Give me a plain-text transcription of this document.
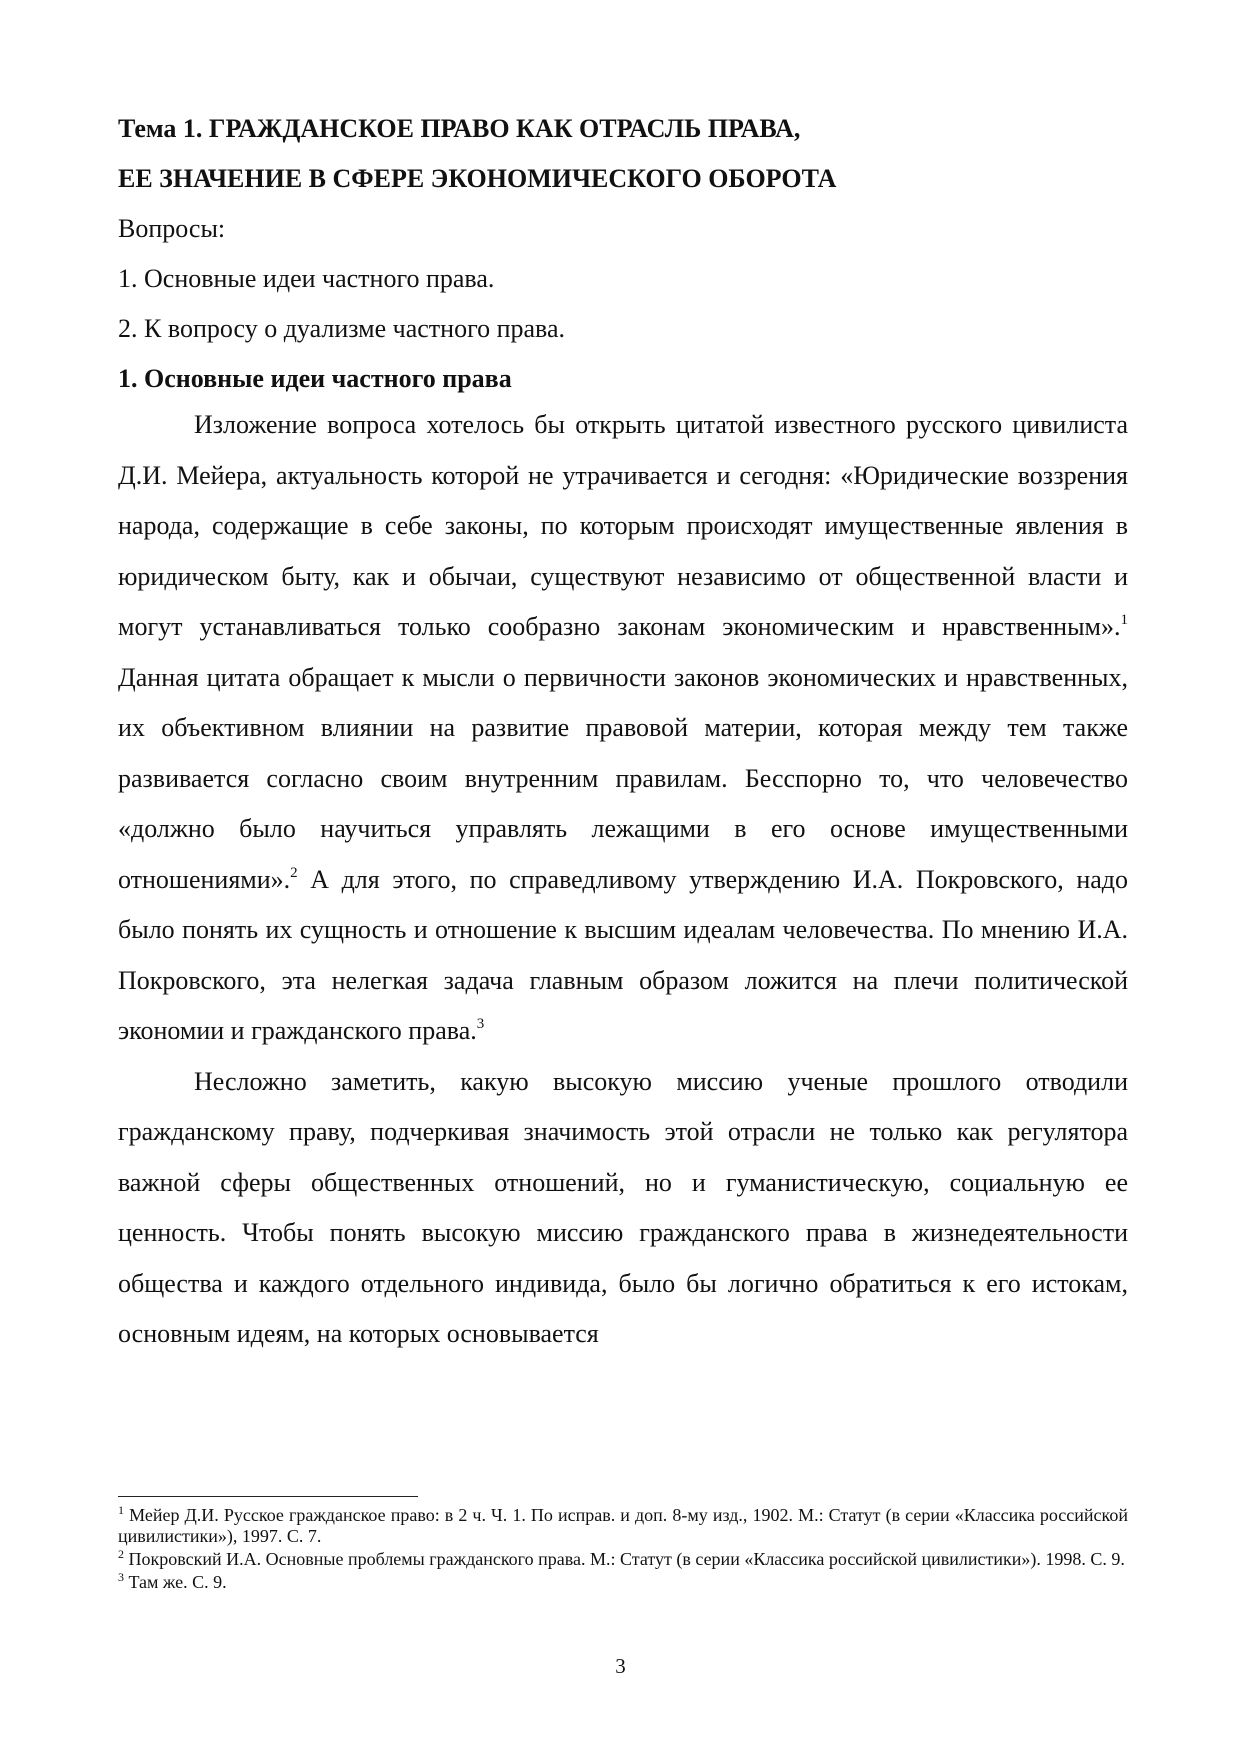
Тема 1. ГРАЖДАНСКОЕ ПРАВО КАК ОТРАСЛЬ ПРАВА,
ЕЕ ЗНАЧЕНИЕ В СФЕРЕ ЭКОНОМИЧЕСКОГО ОБОРОТА
Вопросы:
1. Основные идеи частного права.
2. К вопросу о дуализме частного права.
1. Основные идеи частного права

Изложение вопроса хотелось бы открыть цитатой известного русского цивилиста Д.И. Мейера, актуальность которой не утрачивается и сегодня: «Юридические воззрения народа, содержащие в себе законы, по которым происходят имущественные явления в юридическом быту, как и обычаи, существуют независимо от общественной власти и могут устанавливаться только сообразно законам экономическим и нравственным».$^1$ Данная цитата обращает к мысли о первичности законов экономических и нравственных, их объективном влиянии на развитие правовой материи, которая между тем также развивается согласно своим внутренним правилам. Бесспорно то, что человечество «должно было научиться управлять лежащими в его основе имущественными отношениями».$^2$ А для этого, по справедливому утверждению И.А. Покровского, надо было понять их сущность и отношение к высшим идеалам человечества. По мнению И.А. Покровского, эта нелегкая задача главным образом ложится на плечи политической экономии и гражданского права.$^3$

Несложно заметить, какую высокую миссию ученые прошлого отводили гражданскому праву, подчеркивая значимость этой отрасли не только как регулятора важной сферы общественных отношений, но и гуманистическую, социальную ее ценность. Чтобы понять высокую миссию гражданского права в жизнедеятельности общества и каждого отдельного индивида, было бы логично обратиться к его истокам, основным идеям, на которых основывается

$^1$ Мейер Д.И. Русское гражданское право: в 2 ч. Ч. 1. По исправ. и доп. 8-му изд., 1902. М.: Статут (в серии «Классика российской цивилистики»), 1997. С. 7.

$^2$ Покровский И.А. Основные проблемы гражданского права. М.: Статут (в серии «Классика российской цивилистики»). 1998. С. 9.

$^3$ Там же. С. 9.

3
